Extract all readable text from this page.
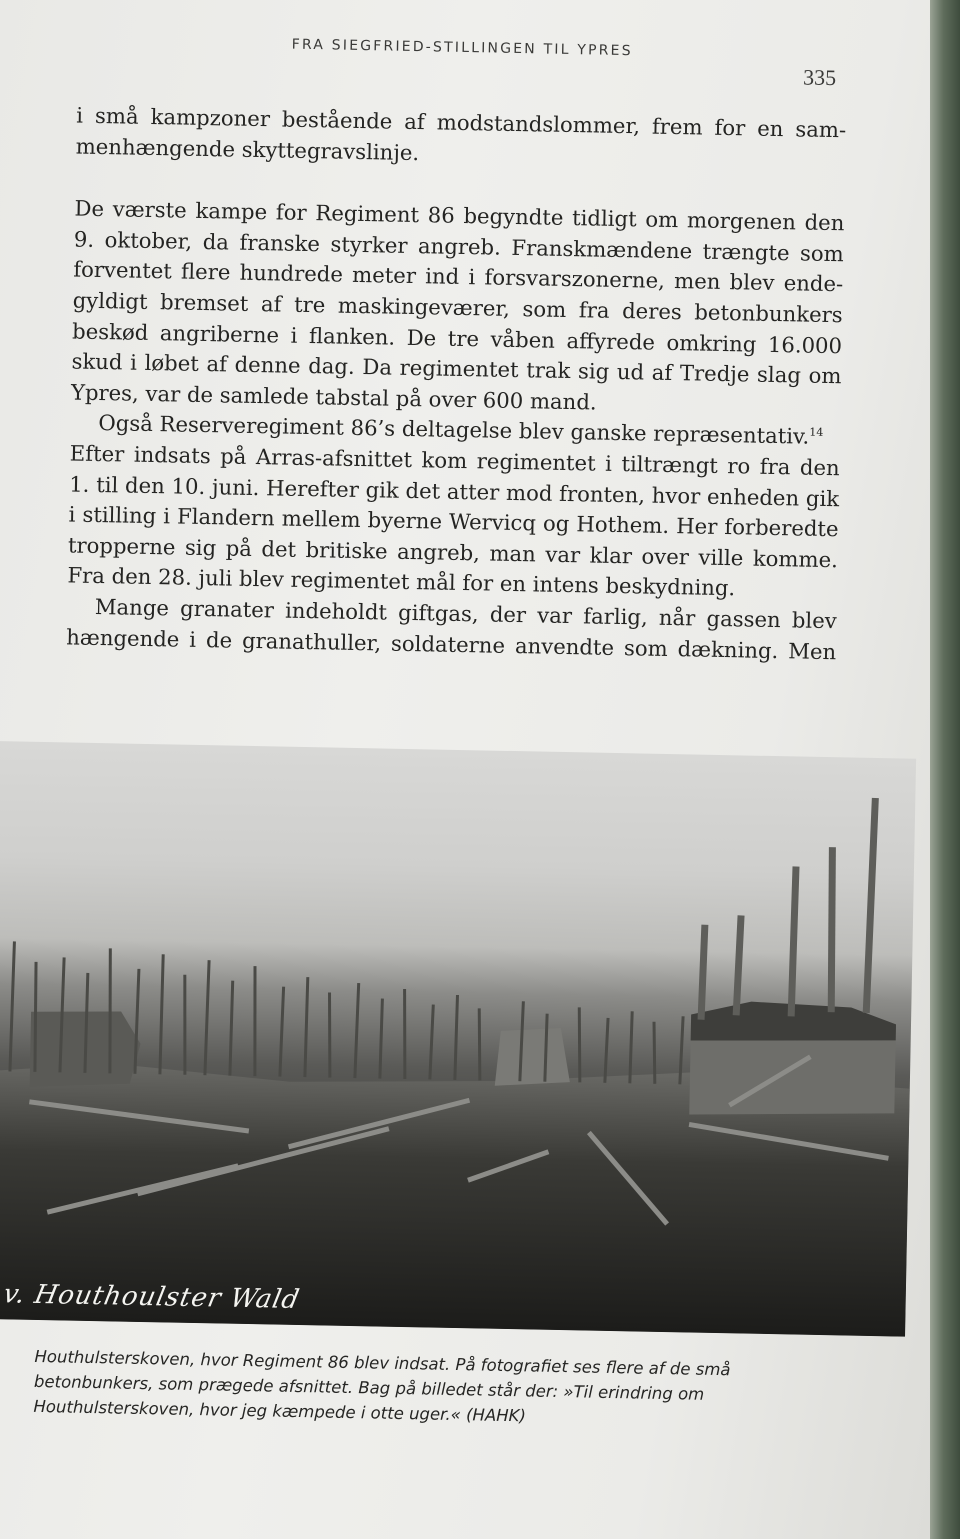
FRA SIEGFRIED-STILLINGEN TIL YPRES
335
i små kampzoner bestående af modstandslommer, frem for en sam-
menhængende skyttegravslinje.
De værste kampe for Regiment 86 begyndte tidligt om morgenen den
9. oktober, da franske styrker angreb. Franskmændene trængte som
forventet flere hundrede meter ind i forsvarszonerne, men blev ende-
gyldigt bremset af tre maskingeværer, som fra deres betonbunkers
beskød angriberne i flanken. De tre våben affyrede omkring 16.000
skud i løbet af denne dag. Da regimentet trak sig ud af Tredje slag om
Ypres, var de samlede tabstal på over 600 mand.
Også Reserveregiment 86’s deltagelse blev ganske repræsentativ.$^{14}$
Efter indsats på Arras-afsnittet kom regimentet i tiltrængt ro fra den
1. til den 10. juni. Herefter gik det atter mod fronten, hvor enheden gik
i stilling i Flandern mellem byerne Wervicq og Hothem. Her forberedte
tropperne sig på det britiske angreb, man var klar over ville komme.
Fra den 28. juli blev regimentet mål for en intens beskydning.
Mange granater indeholdt giftgas, der var farlig, når gassen blev
hængende i de granathuller, soldaterne anvendte som dækning. Men
v. Houthoulster Wald
Houthulsterskoven, hvor Regiment 86 blev indsat. På fotografiet ses flere af de små
betonbunkers, som prægede afsnittet. Bag på billedet står der: »Til erindring om
Houthulsterskoven, hvor jeg kæmpede i otte uger.« (HAHK)
